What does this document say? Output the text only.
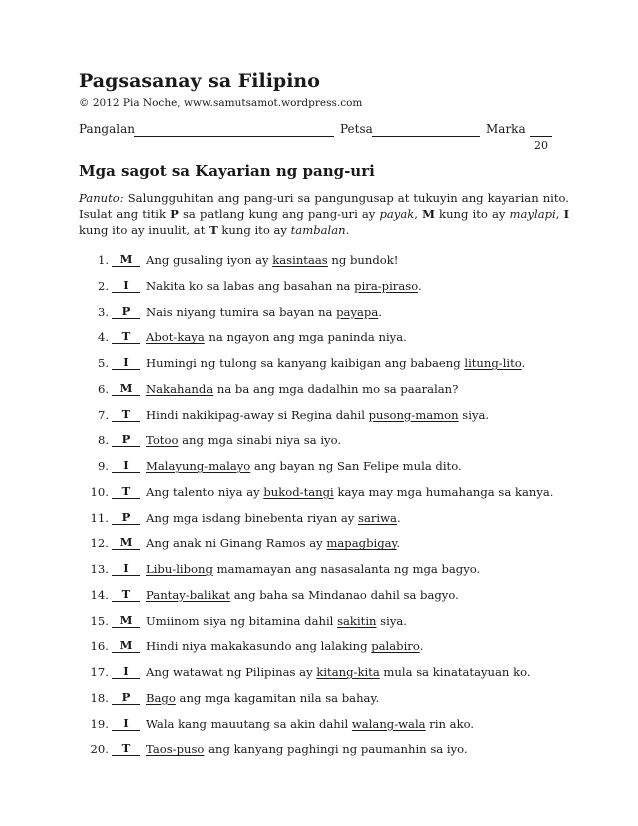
Pagsasanay sa Filipino
© 2012 Pia Noche, www.samutsamot.wordpress.com
Pangalan	Petsa	Marka
20
Mga sagot sa Kayarian ng pang-uri

Panuto: Salungguhitan ang pang-uri sa pangungusap at tukuyin ang kayarian nito. Isulat ang titik P sa patlang kung ang pang-uri ay payak, M kung ito ay maylapi, I kung ito ay inuulit, at T kung ito ay tambalan.

1. M	Ang gusaling iyon ay kasintaas ng bundok!
2.	I	Nakita ko sa labas ang basahan na pira-piraso.
3.	P	Nais niyang tumira sa bayan na payapa.
4.	T	Abot-kaya na ngayon ang mga paninda niya.
5.	I	Humingi ng tulong sa kanyang kaibigan ang babaeng litung-lito.
6. M	Nakahanda na ba ang mga dadalhin mo sa paaralan?
7.	T	Hindi nakikipag-away si Regina dahil pusong-mamon siya.
8.	P	Totoo ang mga sinabi niya sa iyo.
9.	I	Malayung-malayo ang bayan ng San Felipe mula dito.
10.	T	Ang talento niya ay bukod-tangi kaya may mga humahanga sa kanya.
11.	P	Ang mga isdang binebenta riyan ay sariwa.
12. M	Ang anak ni Ginang Ramos ay mapagbigay.
13.	I	Libu-libong mamamayan ang nasasalanta ng mga bagyo.
14.	T	Pantay-balikat ang baha sa Mindanao dahil sa bagyo.
15. M	Umiinom siya ng bitamina dahil sakitin siya.
16. M	Hindi niya makakasundo ang lalaking palabiro.
17.	I	Ang watawat ng Pilipinas ay kitang-kita mula sa kinatatayuan ko.
18.	P	Bago ang mga kagamitan nila sa bahay.
19.	I	Wala kang mauutang sa akin dahil walang-wala rin ako.
20.	T	Taos-puso ang kanyang paghingi ng paumanhin sa iyo.
